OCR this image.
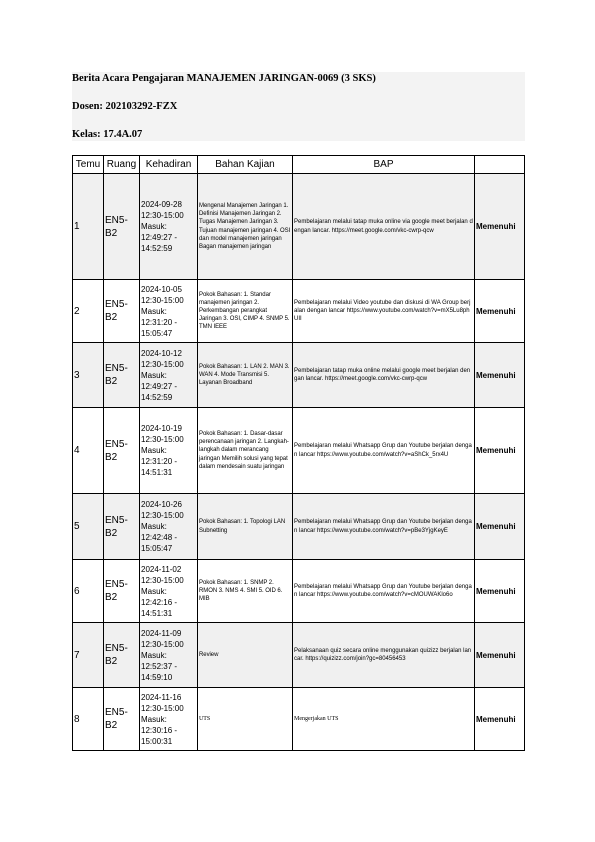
Berita Acara Pengajaran MANAJEMEN JARINGAN-0069 (3 SKS)
Dosen: 202103292-FZX
Kelas: 17.4A.07
Temu	Ruang	Kehadiran	Bahan Kajian	BAP	
1	EN5-B2	2024-09-28
12:30-15:00
Masuk:
12:49:27 -
14:52:59	Mengenal Manajemen Jaringan 1. Definisi Manajemen Jaringan 2. Tugas Manajemen Jaringan 3. Tujuan manajemen jaringan 4. OSI dan model manajemen jaringan Bagan manajemen jaringan	Pembelajaran melalui tatap muka online via google meet berjalan dengan lancar. https://meet.google.com/vkc-cwrp-qcw	Memenuhi
2	EN5-B2	2024-10-05
12:30-15:00
Masuk:
12:31:20 -
15:05:47	Pokok Bahasan: 1. Standar manajemen jaringan 2. Perkembangan perangkat Jaringan 3. OSI, CIMP 4. SNMP 5. TMN IEEE	Pembelajaran melalui Video youtube dan diskusi di WA Group berjalan dengan lancar https://www.youtube.com/watch?v=mX5Lu8phUII	Memenuhi
3	EN5-B2	2024-10-12
12:30-15:00
Masuk:
12:49:27 -
14:52:59	Pokok Bahasan: 1. LAN 2. MAN 3. WAN 4. Mode Transmisi 5. Layanan Broadband	Pembelajaran tatap muka online melalui google meet berjalan dengan lancar. https://meet.google.com/vkc-cwrp-qcw	Memenuhi
4	EN5-B2	2024-10-19
12:30-15:00
Masuk:
12:31:20 -
14:51:31	Pokok Bahasan: 1. Dasar-dasar perencanaan jaringan 2. Langkah-langkah dalam merancang jaringan Memilih solusi yang tepat dalam mendesain suatu jaringan	Pembelajaran melalui Whatsapp Grup dan Youtube berjalan dengan lancar https://www.youtube.com/watch?v=aShCk_5rx4U	Memenuhi
5	EN5-B2	2024-10-26
12:30-15:00
Masuk:
12:42:48 -
15:05:47	Pokok Bahasan: 1. Topologi LAN Subnetting	Pembelajaran melalui Whatsapp Grup dan Youtube berjalan dengan lancar https://www.youtube.com/watch?v=pBe3YjgKeyE	Memenuhi
6	EN5-B2	2024-11-02
12:30-15:00
Masuk:
12:42:16 -
14:51:31	Pokok Bahasan: 1. SNMP 2. RMON 3. NMS 4. SMI 5. OID 6. MIB	Pembelajaran melalui Whatsapp Grup dan Youtube berjalan dengan lancar https://www.youtube.com/watch?v=cMOUWAKlo6o	Memenuhi
7	EN5-B2	2024-11-09
12:30-15:00
Masuk:
12:52:37 -
14:59:10	Review	Pelaksanaan quiz secara online menggunakan quizizz berjalan lancar. https://quizizz.com/join?gc=80456453	Memenuhi
8	EN5-B2	2024-11-16
12:30-15:00
Masuk:
12:30:16 -
15:00:31	UTS	Mengerjakan UTS	Memenuhi
